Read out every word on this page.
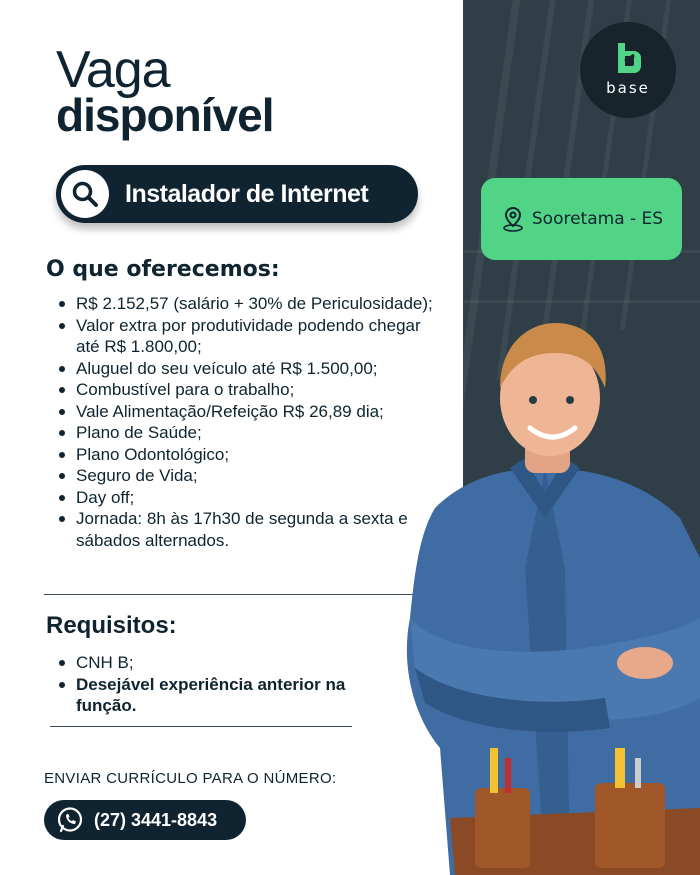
base
Vaga
disponível
Instalador de Internet
Sooretama - ES
O que oferecemos:
R$ 2.152,57 (salário + 30% de Periculosidade);
Valor extra por produtividade podendo chegar até R$ 1.800,00;
Aluguel do seu veículo até R$ 1.500,00;
Combustível para o trabalho;
Vale Alimentação/Refeição R$ 26,89 dia;
Plano de Saúde;
Plano Odontológico;
Seguro de Vida;
Day off;
Jornada: 8h às 17h30 de segunda a sexta e sábados alternados.
Requisitos:
CNH B;
Desejável experiência anterior na função.
ENVIAR CURRÍCULO PARA O NÚMERO:
(27) 3441-8843
